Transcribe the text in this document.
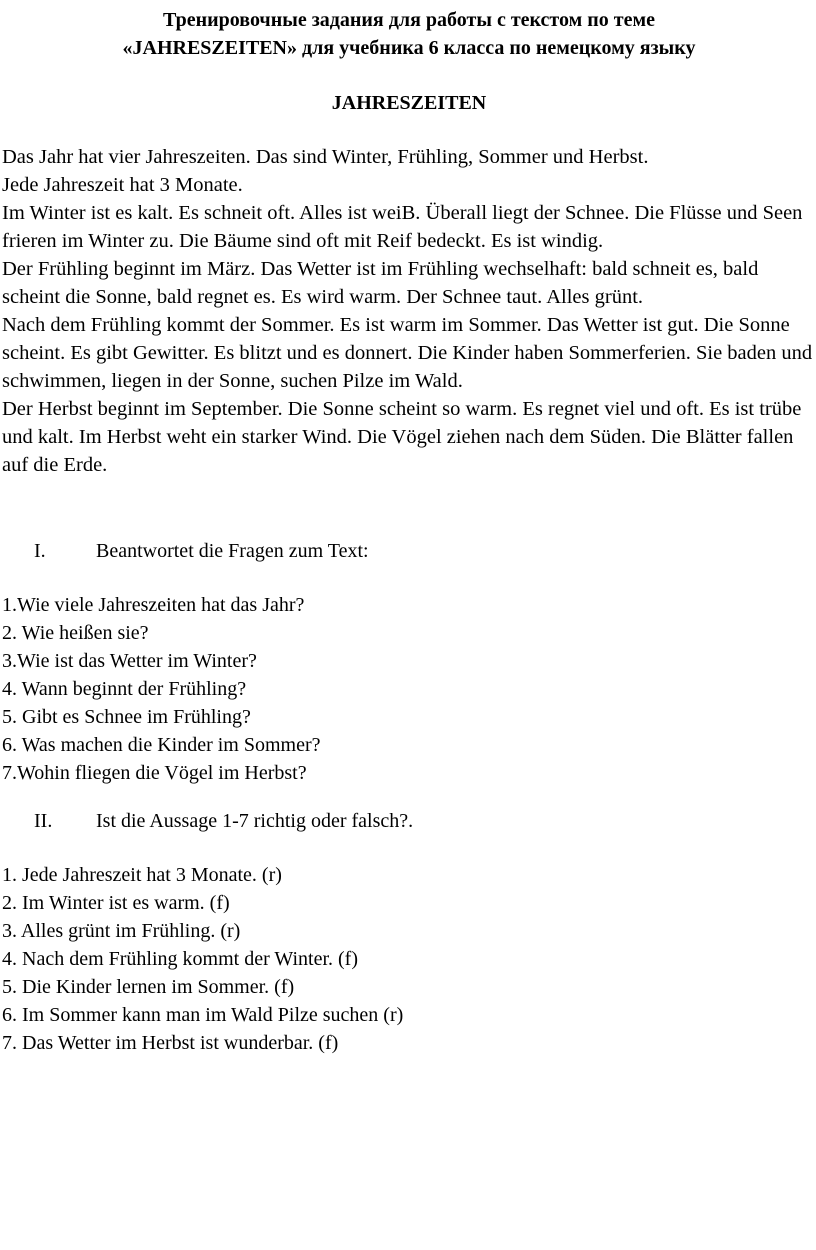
Тренировочные задания для работы с текстом по теме
«JAHRESZEITEN» для учебника 6 класса по немецкому языку
JAHRESZEITEN
Das Jahr hat vier Jahreszeiten. Das sind Winter, Frühling, Sommer und Herbst.
Jede Jahreszeit hat 3 Monate.
Im Winter ist es kalt. Es schneit oft. Alles ist weiB. Überall liegt der Schnee. Die Flüsse und Seen frieren im Winter zu. Die Bäume sind oft mit Reif bedeckt. Es ist windig.
Der Frühling beginnt im März. Das Wetter ist im Frühling wechselhaft: bald schneit es, bald scheint die Sonne, bald regnet es. Es wird warm. Der Schnee taut. Alles grünt.
Nach dem Frühling kommt der Sommer. Es ist warm im Sommer. Das Wetter ist gut. Die Sonne scheint. Es gibt Gewitter. Es blitzt und es donnert. Die Kinder haben Sommerferien. Sie baden und schwimmen, liegen in der Sonne, suchen Pilze im Wald.
Der Herbst beginnt im September. Die Sonne scheint so warm. Es regnet viel und oft. Es ist trübe und kalt. Im Herbst weht ein starker Wind. Die Vögel ziehen nach dem Süden. Die Blätter fallen auf die Erde.
I.	Beantwortet die Fragen zum Text:
1.Wie viele Jahreszeiten hat das Jahr?
2. Wie heißen sie?
3.Wie ist das Wetter im Winter?
4. Wann beginnt der Frühling?
5. Gibt es Schnee im Frühling?
6. Was machen die Kinder im Sommer?
7.Wohin fliegen die Vögel im Herbst?
II.	Ist die Aussage 1-7 richtig oder falsch?.
1. Jede Jahreszeit hat 3 Monate. (r)
2. Im Winter ist es warm. (f)
3. Alles grünt im Frühling. (r)
4. Nach dem Frühling kommt der Winter. (f)
5. Die Kinder lernen im Sommer. (f)
6. Im Sommer kann man im Wald Pilze suchen (r)
7. Das Wetter im Herbst ist wunderbar. (f)
